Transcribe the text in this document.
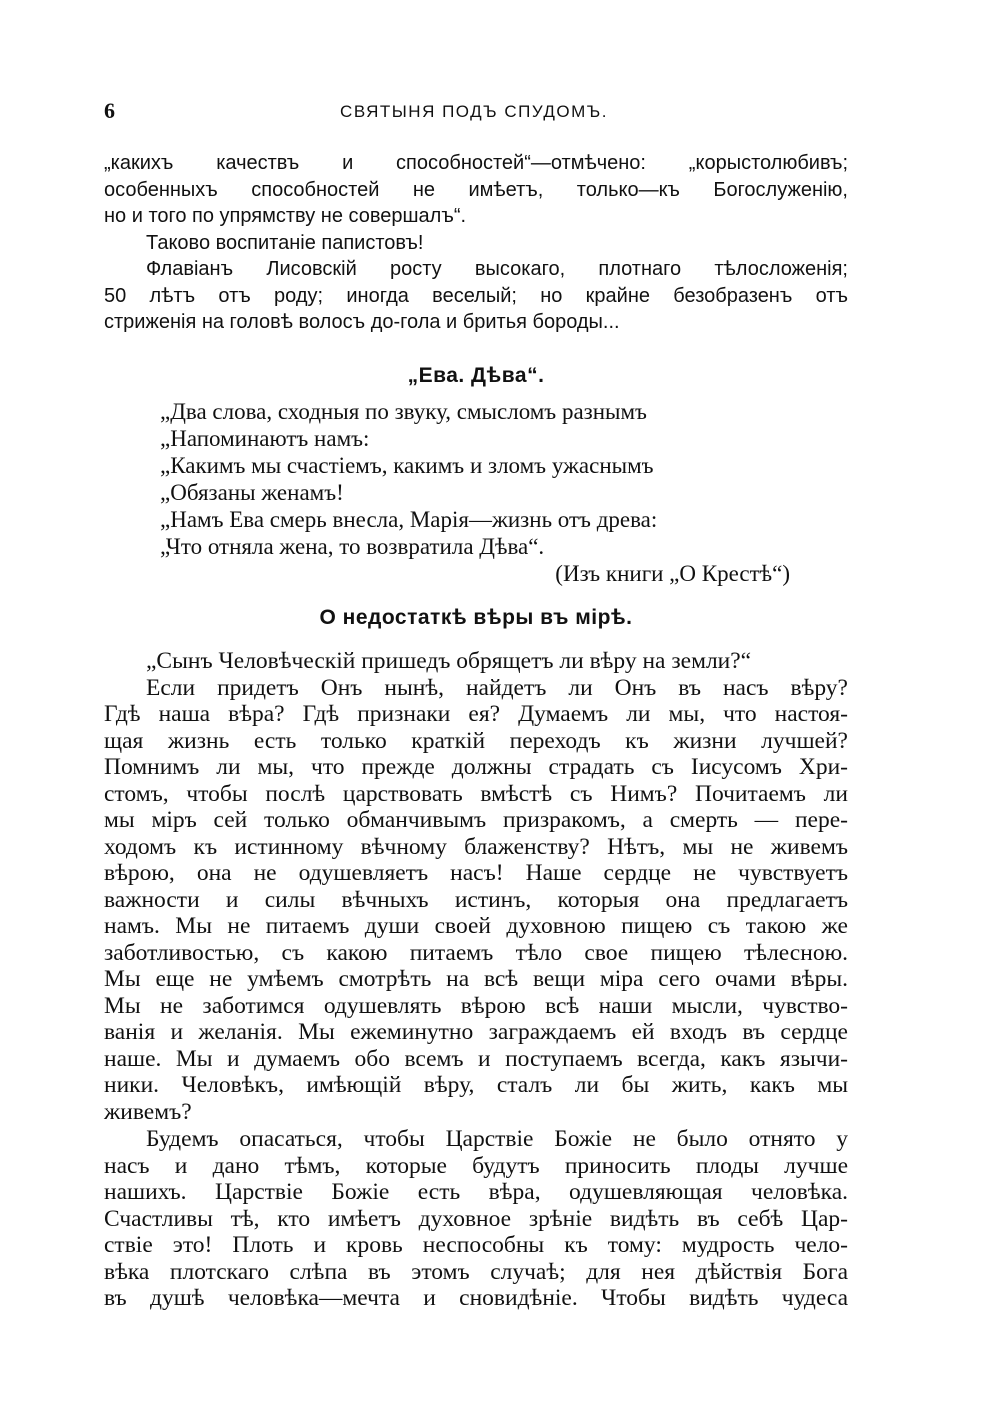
6	СВЯТЫНЯ ПОДЪ СПУДОМЪ.
„какихъ качествъ и способностей“—отмѣчено: „корыстолюбивъ;
особенныхъ способностей не имѣетъ, только—къ Богослуженію,
но и того по упрямству не совершалъ“.
Таково воспитаніе папистовъ!
Флавіанъ Лисовскій росту высокаго, плотнаго тѣлосложенія;
50 лѣтъ отъ роду; иногда веселый; но крайне безобразенъ отъ
стриженія на головѣ волосъ до-гола и бритья бороды...
„Ева. Дѣва“.
„Два слова, сходныя по звуку, смысломъ разнымъ
„Напоминаютъ намъ:
„Какимъ мы счастіемъ, какимъ и зломъ ужаснымъ
„Обязаны женамъ!
„Намъ Ева смерь внесла, Марія—жизнь отъ древа:
„Что отняла жена, то возвратила Дѣва“.
(Изъ книги „О Крестѣ“)
О недостаткѣ вѣры въ мірѣ.
„Сынъ Человѣческій пришедъ обрящетъ ли вѣру на земли?“
Если придетъ Онъ нынѣ, найдетъ ли Онъ въ насъ вѣру?
Гдѣ наша вѣра? Гдѣ признаки ея? Думаемъ ли мы, что настоя-
щая жизнь есть только краткій переходъ къ жизни лучшей?
Помнимъ ли мы, что прежде должны страдать съ Іисусомъ Хри-
стомъ, чтобы послѣ царствовать вмѣстѣ съ Нимъ? Почитаемъ ли
мы міръ сей только обманчивымъ призракомъ, а смерть — пере-
ходомъ къ истинному вѣчному блаженству? Нѣтъ, мы не живемъ
вѣрою, она не одушевляетъ насъ! Наше сердце не чувствуетъ
важности и силы вѣчныхъ истинъ, которыя она предлагаетъ
намъ. Мы не питаемъ души своей духовною пищею съ такою же
заботливостью, съ какою питаемъ тѣло свое пищею тѣлесною.
Мы еще не умѣемъ смотрѣть на всѣ вещи міра сего очами вѣры.
Мы не заботимся одушевлять вѣрою всѣ наши мысли, чувство-
ванія и желанія. Мы ежеминутно заграждаемъ ей входъ въ сердце
наше. Мы и думаемъ обо всемъ и поступаемъ всегда, какъ язычи-
ники. Человѣкъ, имѣющій вѣру, сталъ ли бы жить, какъ мы
живемъ?
Будемъ опасаться, чтобы Царствіе Божіе не было отнято у
насъ и дано тѣмъ, которые будутъ приносить плоды лучше
нашихъ. Царствіе Божіе есть вѣра, одушевляющая человѣка.
Счастливы тѣ, кто имѣетъ духовное зрѣніе видѣть въ себѣ Цар-
ствіе это! Плоть и кровь неспособны къ тому: мудрость чело-
вѣка плотскаго слѣпа въ этомъ случаѣ; для нея дѣйствія Бога
въ душѣ человѣка—мечта и сновидѣніе. Чтобы видѣть чудеса
